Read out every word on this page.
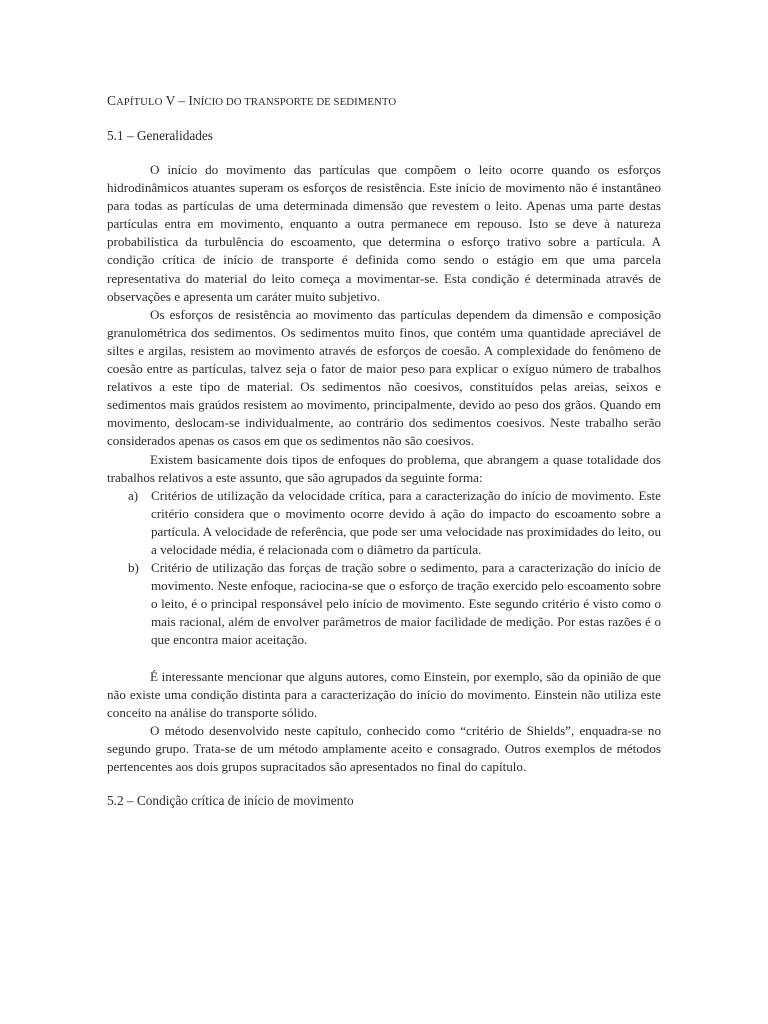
CAPÍTULO V – INÍCIO DO TRANSPORTE DE SEDIMENTO
5.1 – Generalidades

O início do movimento das partículas que compõem o leito ocorre quando os esforços hidrodinâmicos atuantes superam os esforços de resistência. Este início de movimento não é instantâneo para todas as partículas de uma determinada dimensão que revestem o leito. Apenas uma parte destas partículas entra em movimento, enquanto a outra permanece em repouso. Isto se deve à natureza probabilística da turbulência do escoamento, que determina o esforço trativo sobre a partícula. A condição crítica de início de transporte é definida como sendo o estágio em que uma parcela representativa do material do leito começa a movimentar-se. Esta condição é determinada através de observações e apresenta um caráter muito subjetivo.

Os esforços de resistência ao movimento das partículas dependem da dimensão e composição granulométrica dos sedimentos. Os sedimentos muito finos, que contém uma quantidade apreciável de siltes e argilas, resistem ao movimento através de esforços de coesão. A complexidade do fenômeno de coesão entre as partículas, talvez seja o fator de maior peso para explicar o exíguo número de trabalhos relativos a este tipo de material. Os sedimentos não coesivos, constituídos pelas areias, seixos e sedimentos mais graúdos resistem ao movimento, principalmente, devido ao peso dos grãos. Quando em movimento, deslocam-se individualmente, ao contrário dos sedimentos coesivos. Neste trabalho serão considerados apenas os casos em que os sedimentos não são coesivos.

Existem basicamente dois tipos de enfoques do problema, que abrangem a quase totalidade dos trabalhos relativos a este assunto, que são agrupados da seguinte forma:

a) Critérios de utilização da velocidade crítica, para a caracterização do início de movimento. Este critério considera que o movimento ocorre devido à ação do impacto do escoamento sobre a partícula. A velocidade de referência, que pode ser uma velocidade nas proximidades do leito, ou a velocidade média, é relacionada com o diâmetro da partícula.
b) Critério de utilização das forças de tração sobre o sedimento, para a caracterização do início de movimento. Neste enfoque, raciocina-se que o esforço de tração exercido pelo escoamento sobre o leito, é o principal responsável pelo início de movimento. Este segundo critério é visto como o mais racional, além de envolver parâmetros de maior facilidade de medição. Por estas razões é o que encontra maior aceitação.

É interessante mencionar que alguns autores, como Einstein, por exemplo, são da opinião de que não existe uma condição distinta para a caracterização do início do movimento. Einstein não utiliza este conceito na análise do transporte sólido.

O método desenvolvido neste capítulo, conhecido como “critério de Shields”, enquadra-se no segundo grupo. Trata-se de um método amplamente aceito e consagrado. Outros exemplos de métodos pertencentes aos dois grupos supracitados são apresentados no final do capítulo.

5.2 – Condição crítica de início de movimento
